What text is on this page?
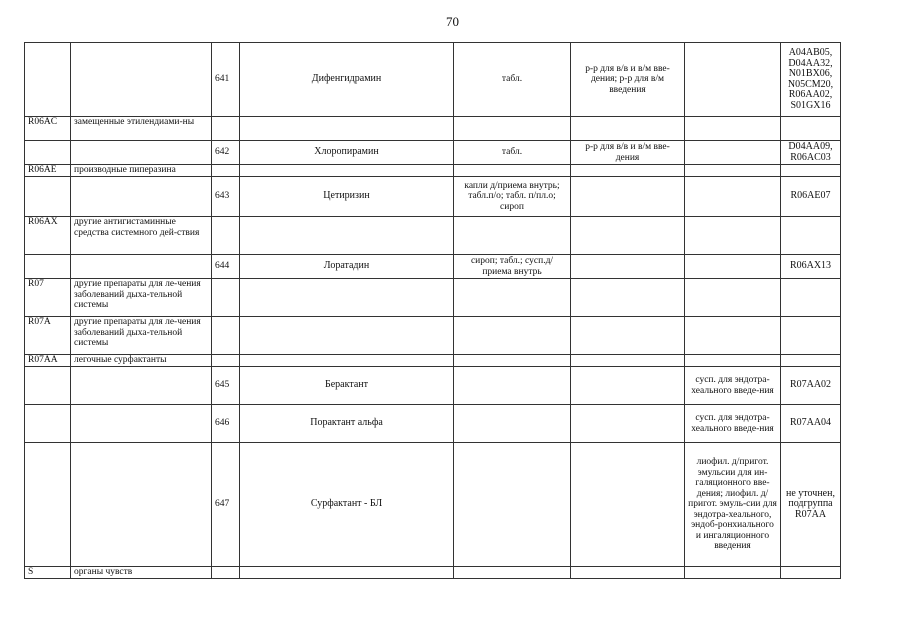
70
		641	Дифенгидрамин	табл.	р-р для в/в и в/м вве-дения; р-р для в/м введения		A04AB05, D04AA32, N01BX06, N05CM20, R06AA02, S01GX16
R06AC	замещенные этилендиами-ны						
		642	Хлоропирамин	табл.	р-р для в/в и в/м вве-дения		D04AA09, R06AC03
R06AE	производные пиперазина						
		643	Цетиризин	капли д/приема внутрь; табл.п/о; табл. п/пл.о; сироп			R06AE07
R06AX	другие антигистаминные средства системного дей-ствия						
		644	Лоратадин	сироп; табл.; сусп.д/приема внутрь			R06AX13
R07	другие препараты для ле-чения заболеваний дыха-тельной системы						
R07A	другие препараты для ле-чения заболеваний дыха-тельной системы						
R07AA	легочные сурфактанты						
		645	Берактант			сусп. для эндотра-хеального введе-ния	R07AA02
		646	Порактант альфа			сусп. для эндотра-хеального введе-ния	R07AA04
		647	Сурфактант - БЛ			лиофил. д/пригот. эмульсии для ин-галяционного вве-дения; лиофил. д/пригот. эмуль-сии для эндотра-хеального, эндоб-ронхиального и ингаляционного введения	не уточнен, подгруппа R07AA
S	органы чувств						
